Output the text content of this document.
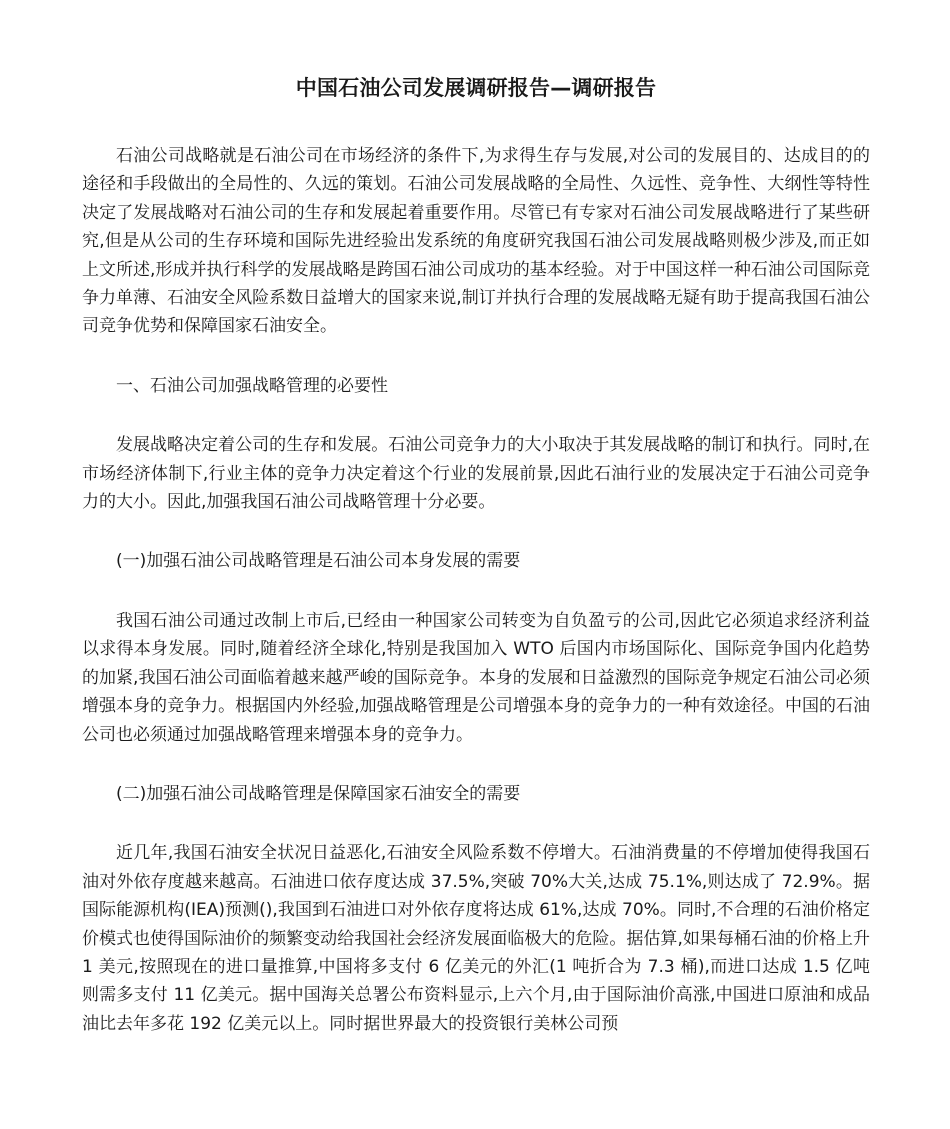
中国石油公司发展调研报告—调研报告

石油公司战略就是石油公司在市场经济的条件下,为求得生存与发展,对公司的发展目的、达成目的的途径和手段做出的全局性的、久远的策划。石油公司发展战略的全局性、久远性、竞争性、大纲性等特性决定了发展战略对石油公司的生存和发展起着重要作用。尽管已有专家对石油公司发展战略进行了某些研究,但是从公司的生存环境和国际先进经验出发系统的角度研究我国石油公司发展战略则极少涉及,而正如上文所述,形成并执行科学的发展战略是跨国石油公司成功的基本经验。对于中国这样一种石油公司国际竞争力单薄、石油安全风险系数日益增大的国家来说,制订并执行合理的发展战略无疑有助于提高我国石油公司竞争优势和保障国家石油安全。

一、石油公司加强战略管理的必要性

发展战略决定着公司的生存和发展。石油公司竞争力的大小取决于其发展战略的制订和执行。同时,在市场经济体制下,行业主体的竞争力决定着这个行业的发展前景,因此石油行业的发展决定于石油公司竞争力的大小。因此,加强我国石油公司战略管理十分必要。

(一)加强石油公司战略管理是石油公司本身发展的需要

我国石油公司通过改制上市后,已经由一种国家公司转变为自负盈亏的公司,因此它必须追求经济利益以求得本身发展。同时,随着经济全球化,特别是我国加入 WTO 后国内市场国际化、国际竞争国内化趋势的加紧,我国石油公司面临着越来越严峻的国际竞争。本身的发展和日益激烈的国际竞争规定石油公司必须增强本身的竞争力。根据国内外经验,加强战略管理是公司增强本身的竞争力的一种有效途径。中国的石油公司也必须通过加强战略管理来增强本身的竞争力。

(二)加强石油公司战略管理是保障国家石油安全的需要

近几年,我国石油安全状况日益恶化,石油安全风险系数不停增大。石油消费量的不停增加使得我国石油对外依存度越来越高。石油进口依存度达成 37.5%,突破 70%大关,达成 75.1%,则达成了 72.9%。据国际能源机构(IEA)预测(),我国到石油进口对外依存度将达成 61%,达成 70%。同时,不合理的石油价格定价模式也使得国际油价的频繁变动给我国社会经济发展面临极大的危险。据估算,如果每桶石油的价格上升 1 美元,按照现在的进口量推算,中国将多支付 6 亿美元的外汇(1 吨折合为 7.3 桶),而进口达成 1.5 亿吨则需多支付 11 亿美元。据中国海关总署公布资料显示,上六个月,由于国际油价高涨,中国进口原油和成品油比去年多花 192 亿美元以上。同时据世界最大的投资银行美林公司预
